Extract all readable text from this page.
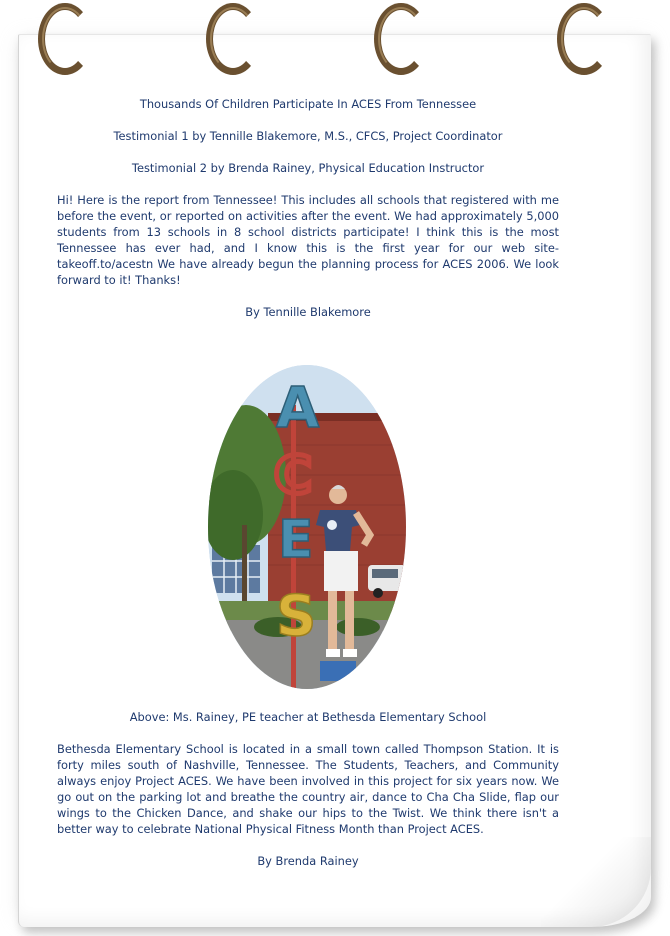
Thousands Of Children Participate In ACES From Tennessee

Testimonial 1 by Tennille Blakemore, M.S., CFCS, Project Coordinator

Testimonial 2 by Brenda Rainey, Physical Education Instructor

Hi! Here is the report from Tennessee! This includes all schools that registered with me before the event, or reported on activities after the event. We had approximately 5,000 students from 13 schools in 8 school districts participate! I think this is the most Tennessee has ever had, and I know this is the first year for our web site-takeoff.to/acestn We have already begun the planning process for ACES 2006. We look forward to it! Thanks!

By Tennille Blakemore

A
C
E
S

Above: Ms. Rainey, PE teacher at Bethesda Elementary School

Bethesda Elementary School is located in a small town called Thompson Station. It is forty miles south of Nashville, Tennessee. The Students, Teachers, and Community always enjoy Project ACES. We have been involved in this project for six years now. We go out on the parking lot and breathe the country air, dance to Cha Cha Slide, flap our wings to the Chicken Dance, and shake our hips to the Twist. We think there isn't a better way to celebrate National Physical Fitness Month than Project ACES.

By Brenda Rainey
